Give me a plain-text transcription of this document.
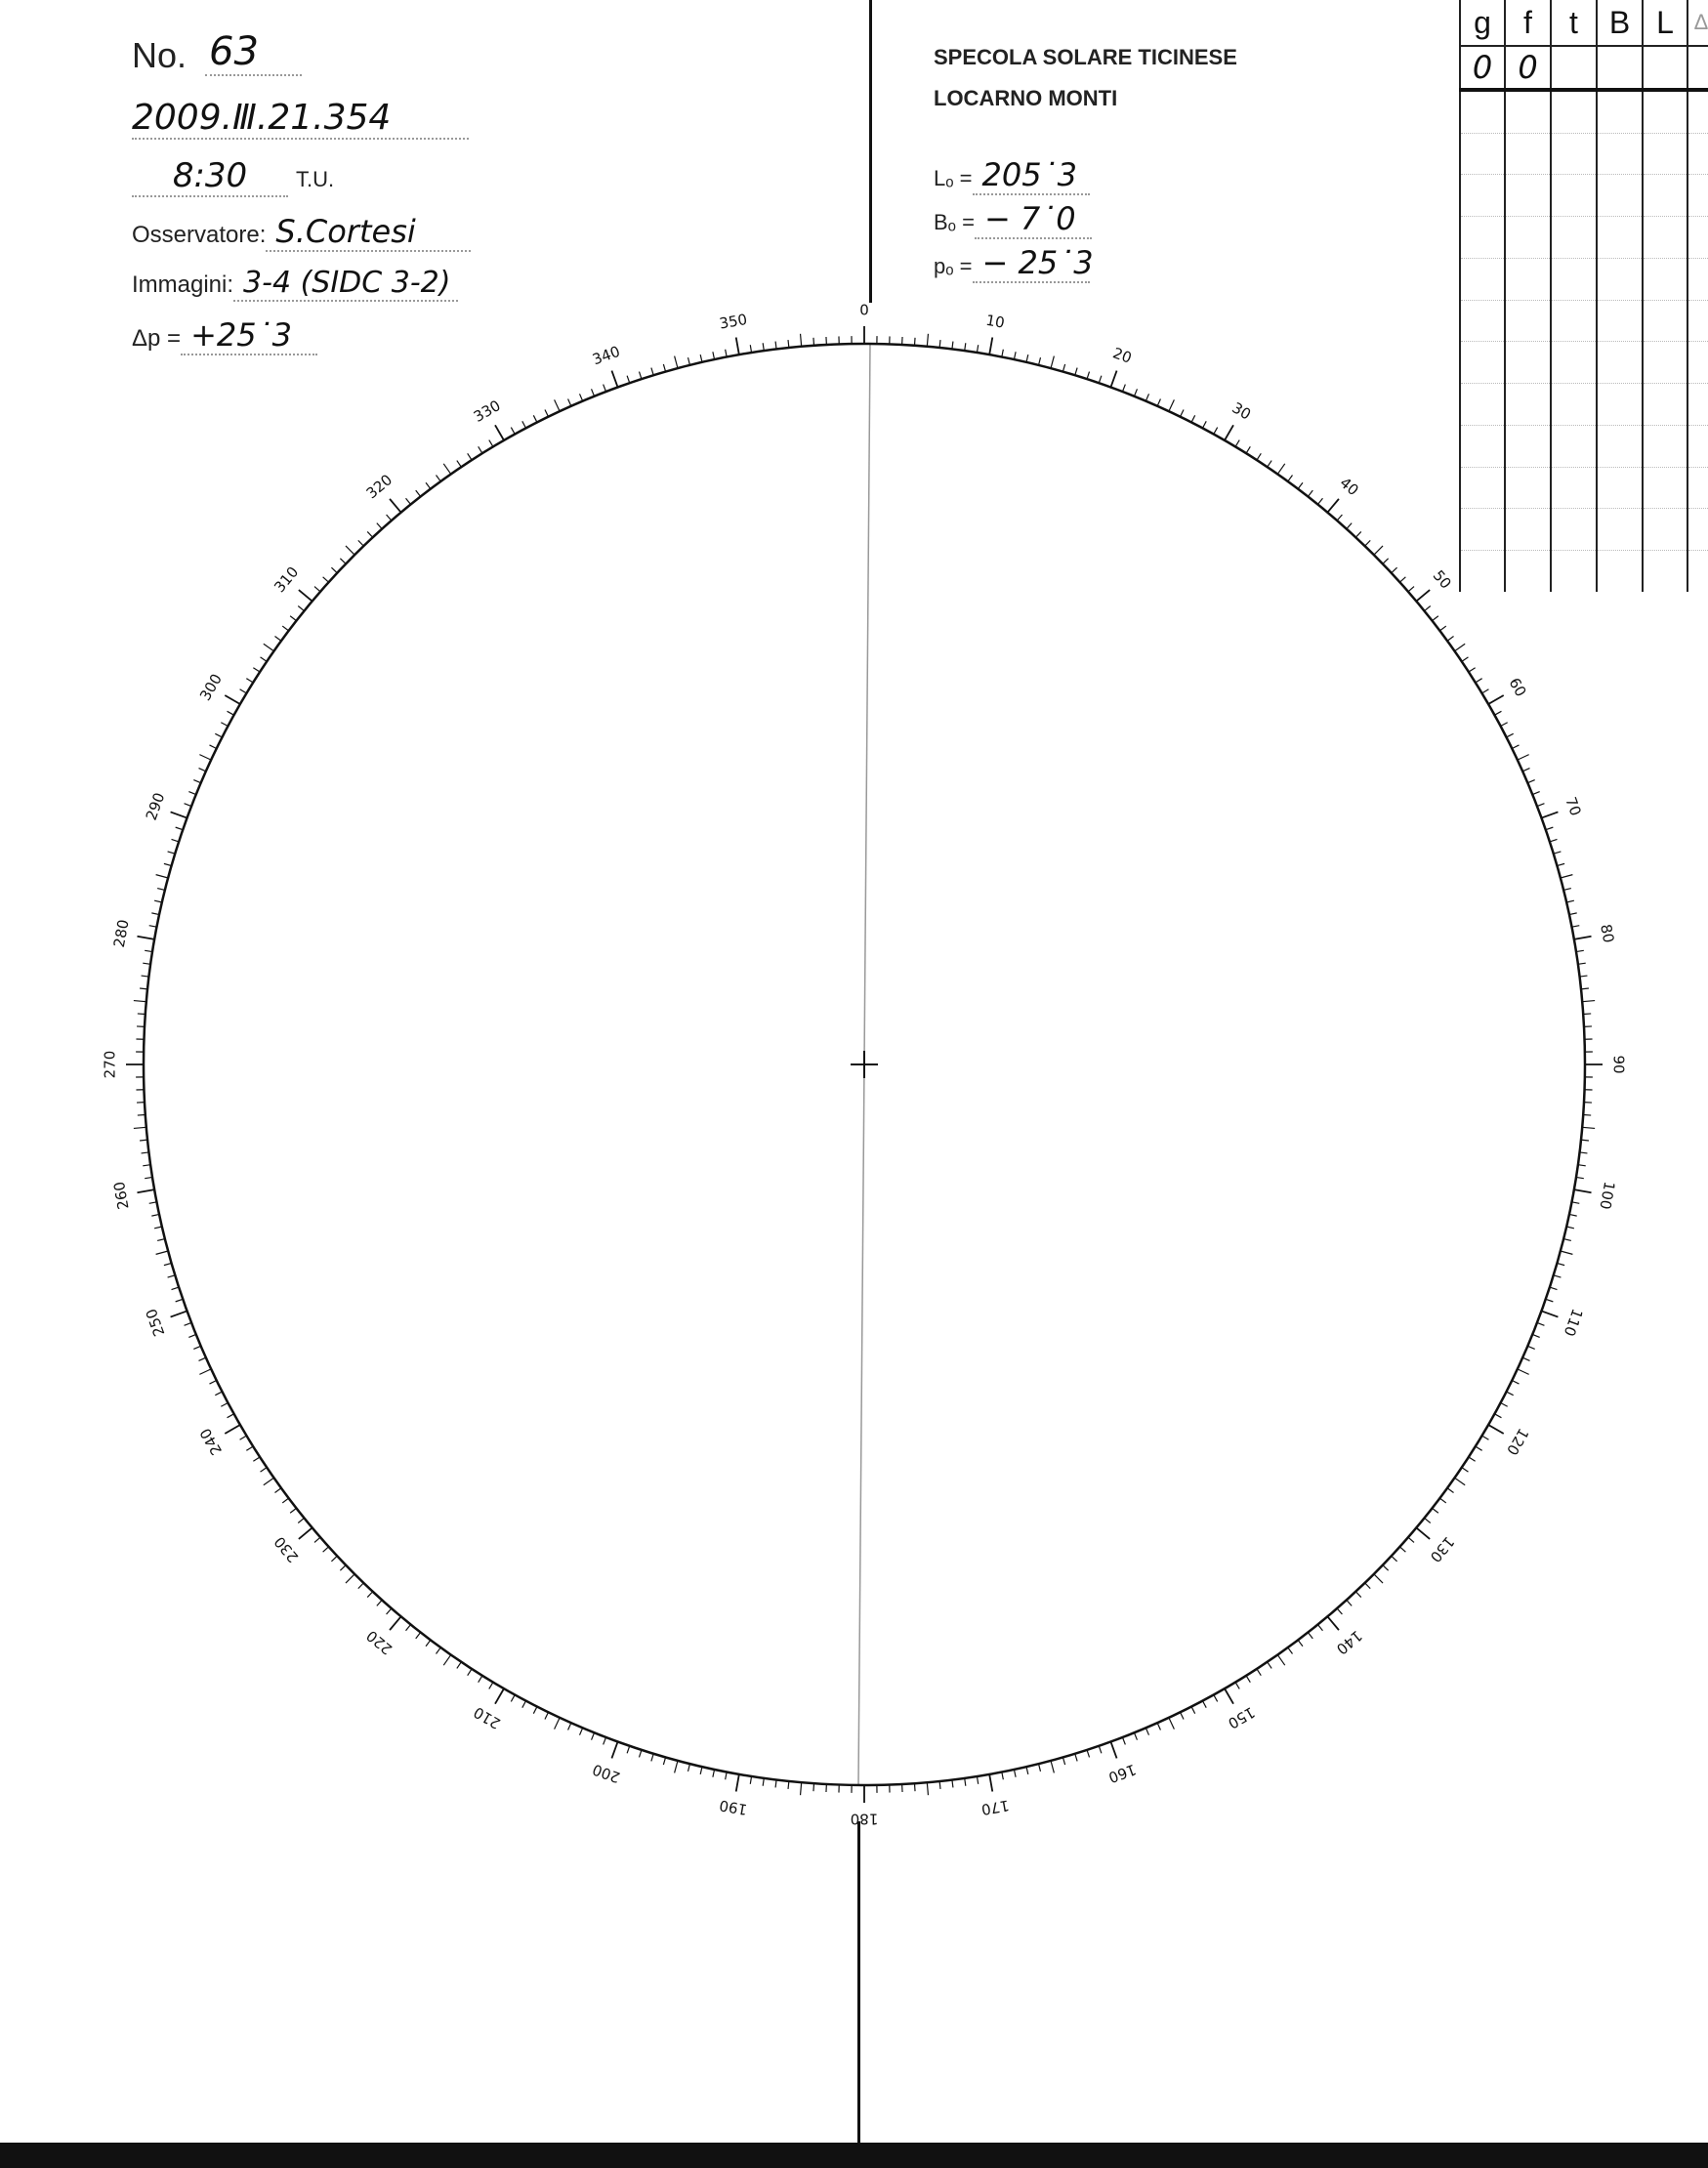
No. 63
2009.Ⅲ.21.354
8:30	T.U.
Osservatore: S.Cortesi
Immagini: 3-4 (SIDC 3-2)
Δp = +25˙3
SPECOLA SOLARE TICINESE
LOCARNO MONTI
Lₒ = 205˙3
Bₒ = − 7˙0
pₒ = − 25˙3
g	f	t	B	L	Δ
0	0				

0
10
20
30
40
50
60
70
80
90
100
110
120
130
140
150
160
170
180
190
200
210
220
230
240
250
260
270
280
290
300
310
320
330
340
350
